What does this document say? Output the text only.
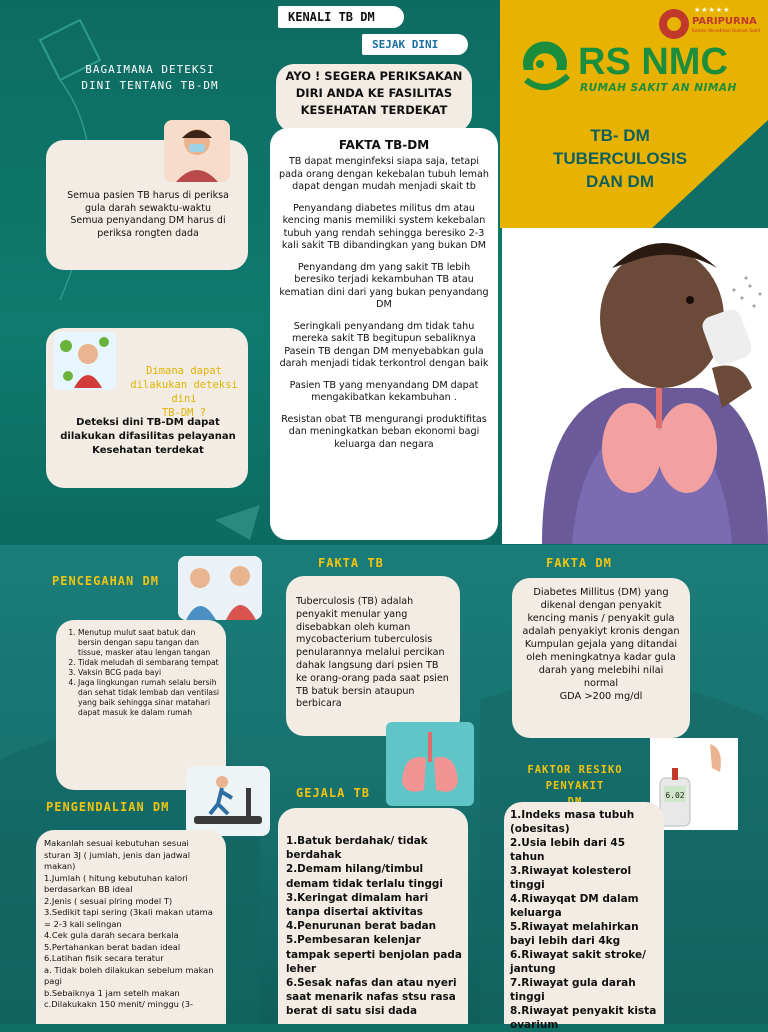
BAGAIMANA DETEKSI
DINI TENTANG TB-DM
Semua pasien TB harus di periksa gula darah sewaktu-waktu
Semua penyandang DM harus di periksa rongten dada
Dimana dapat
dilakukan deteksi dini
TB-DM ?
Deteksi dini TB-DM dapat dilakukan difasilitas pelayanan Kesehatan terdekat
KENALI TB DM
SEJAK DINI
AYO ! SEGERA PERIKSAKAN
DIRI ANDA KE FASILITAS
KESEHATAN TERDEKAT
FAKTA TB-DM

TB dapat menginfeksi siapa saja, tetapi pada orang dengan kekebalan tubuh lemah dapat dengan mudah menjadi skait tb

Penyandang diabetes militus dm atau kencing manis memiliki system kekebalan tubuh yang rendah sehingga beresiko 2-3 kali sakit TB dibandingkan yang bukan DM

Penyandang dm yang sakit TB lebih beresiko terjadi kekambuhan TB atau kematian dini dari yang bukan penyandang DM

Seringkali penyandang dm tidak tahu mereka sakit TB begitupun sebaliknya
Pasein TB dengan DM menyebabkan gula darah menjadi tidak terkontrol dengan baik

Pasien TB yang menyandang DM dapat mengakibatkan kekambuhan .

Resistan obat TB mengurangi produktifitas dan meningkatkan beban ekonomi bagi keluarga dan negara

★★★★★
PARIPURNA
Komisi Akreditasi Rumah Sakit
RS NMC
RUMAH SAKIT AN NIMAH
TB- DM
TUBERCULOSIS
DAN DM
PENCEGAHAN DM
1. Menutup mulut saat batuk dan bersin dengan sapu tangan dan tissue, masker atau lengan tangan
2. Tidak meludah di sembarang tempat
3. Vaksin BCG pada bayi
4. Jaga lingkungan rumah selalu bersih dan sehat tidak lembab dan ventilasi yang baik sehingga sinar matahari dapat masuk ke dalam rumah
PENGENDALIAN DM
Makanlah sesuai kebutuhan sesuai sturan 3J ( jumlah, jenis dan jadwal makan)
1.Jumlah ( hitung kebutuhan kalori berdasarkan BB ideal
2.Jenis ( sesuai piring model T)
3.Sedikit tapi sering (3kali makan utama = 2-3 kali selingan
4.Cek gula darah secara berkala
5.Pertahankan berat badan ideal
6.Latihan fisik secara teratur
a. Tidak boleh dilakukan sebelum makan pagi
b.Sebaiknya 1 jam setelh makan
c.Dilakukakn 150 menit/ minggu (3-
FAKTA TB
Tuberculosis (TB) adalah penyakit menular yang disebabkan oleh kuman mycobacterium tuberculosis penularannya melalui percikan dahak langsung dari psien TB ke orang-orang pada saat psien TB batuk bersin ataupun berbicara
GEJALA TB
1.Batuk berdahak/ tidak berdahak
2.Demam hilang/timbul demam tidak terlalu tinggi
3.Keringat dimalam hari tanpa disertai aktivitas
4.Penurunan berat badan
5.Pembesaran kelenjar tampak seperti benjolan pada leher
6.Sesak nafas dan atau nyeri saat menarik nafas stsu rasa berat di satu sisi dada
FAKTA DM
Diabetes Millitus (DM) yang dikenal dengan penyakit kencing manis / penyakit gula adalah penyakiyt kronis dengan Kumpulan gejala yang ditandai oleh meningkatnya kadar gula darah yang melebihi nilai normal
GDA >200 mg/dl
FAKTOR RESIKO PENYAKIT
6.02
1.Indeks masa tubuh (obesitas)
2.Usia lebih dari 45 tahun
3.Riwayat kolesterol tinggi
4.Riwayqat DM dalam keluarga
5.Riwayat melahirkan bayi lebih dari 4kg
6.Riwayat sakit stroke/ jantung
7.Riwayat gula darah tinggi
8.Riwayat penyakit kista ovarium
